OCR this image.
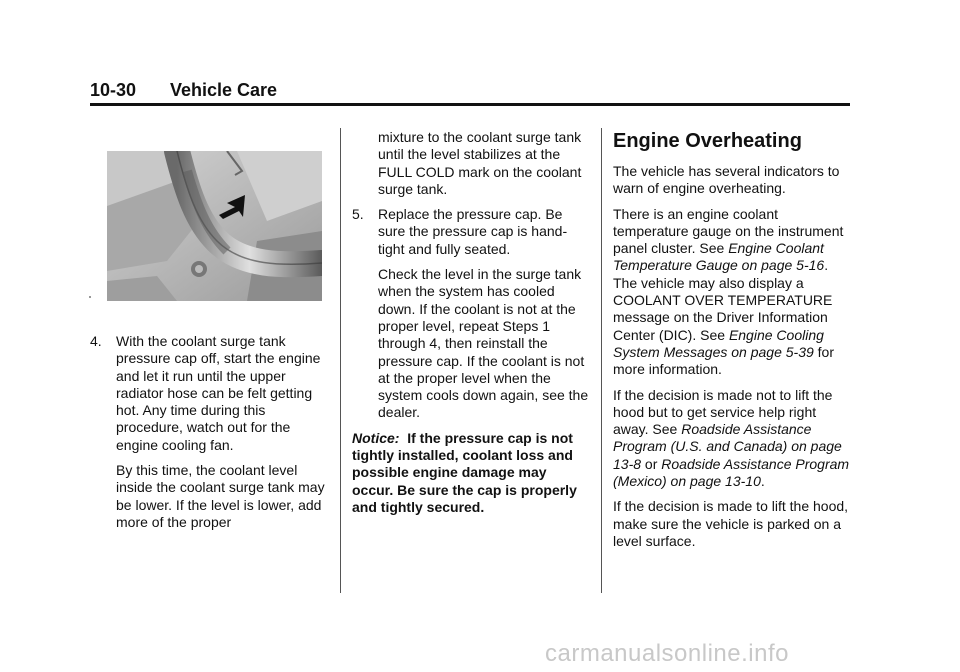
10-30 Vehicle Care
4. With the coolant surge tank pressure cap off, start the engine and let it run until the upper radiator hose can be felt getting hot. Any time during this procedure, watch out for the engine cooling fan.

By this time, the coolant level inside the coolant surge tank may be lower. If the level is lower, add more of the proper

mixture to the coolant surge tank until the level stabilizes at the FULL COLD mark on the coolant surge tank.

5. Replace the pressure cap. Be sure the pressure cap is hand-tight and fully seated.

Check the level in the surge tank when the system has cooled down. If the coolant is not at the proper level, repeat Steps 1 through 4, then reinstall the pressure cap. If the coolant is not at the proper level when the system cools down again, see the dealer.

Notice: If the pressure cap is not tightly installed, coolant loss and possible engine damage may occur. Be sure the cap is properly and tightly secured.

Engine Overheating

The vehicle has several indicators to warn of engine overheating.

There is an engine coolant temperature gauge on the instrument panel cluster. See Engine Coolant Temperature Gauge on page 5-16. The vehicle may also display a COOLANT OVER TEMPERATURE message on the Driver Information Center (DIC). See Engine Cooling System Messages on page 5-39 for more information.

If the decision is made not to lift the hood but to get service help right away. See Roadside Assistance Program (U.S. and Canada) on page 13-8 or Roadside Assistance Program (Mexico) on page 13-10.

If the decision is made to lift the hood, make sure the vehicle is parked on a level surface.

carmanualsonline.info
